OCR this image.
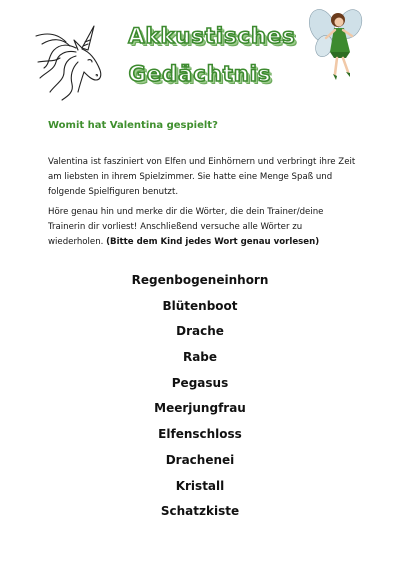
Akkustisches
Gedächtnis
Womit hat Valentina gespielt?
Valentina ist fasziniert von Elfen und Einhörnern und verbringt ihre Zeit am liebsten in ihrem Spielzimmer. Sie hatte eine Menge Spaß und folgende Spielfiguren benutzt.
Höre genau hin und merke dir die Wörter, die dein Trainer/deine Trainerin dir vorliest! Anschließend versuche alle Wörter zu wiederholen. (Bitte dem Kind jedes Wort genau vorlesen)
Regenbogeneinhorn
Blütenboot
Drache
Rabe
Pegasus
Meerjungfrau
Elfenschloss
Drachenei
Kristall
Schatzkiste
